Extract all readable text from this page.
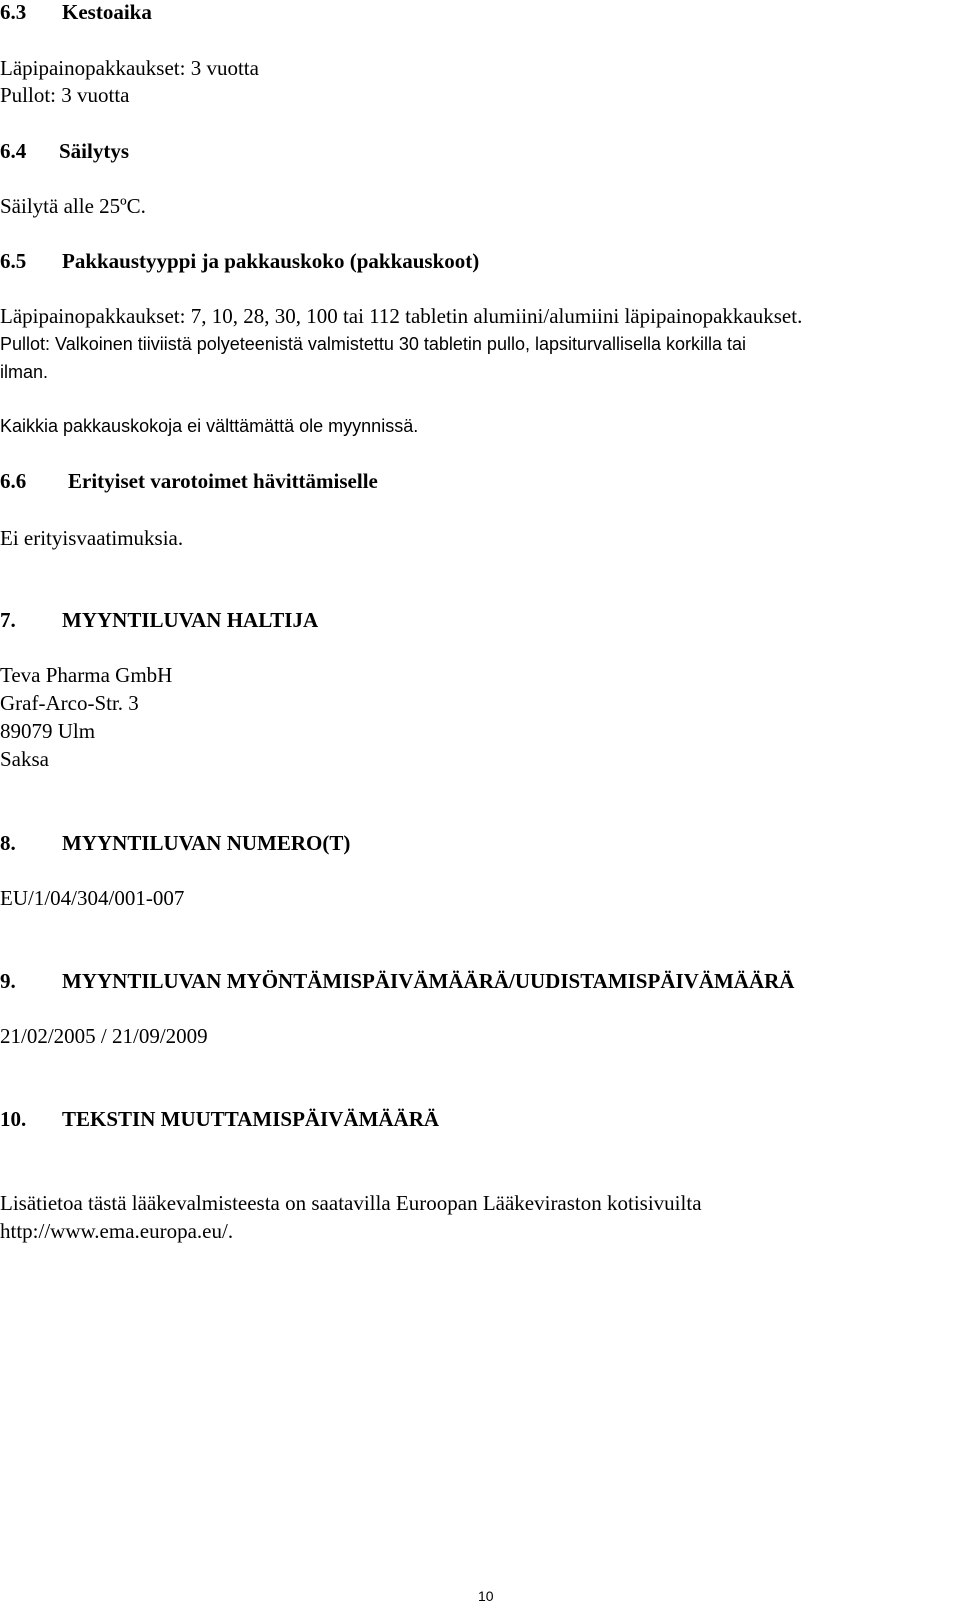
6.3 Kestoaika

Läpipainopakkaukset: 3 vuotta

Pullot: 3 vuotta

6.4 Säilytys

Säilytä alle 25ºC.

6.5 Pakkaustyyppi ja pakkauskoko (pakkauskoot)

Läpipainopakkaukset: 7, 10, 28, 30, 100 tai 112 tabletin alumiini/alumiini läpipainopakkaukset.

Pullot: Valkoinen tiiviistä polyeteenistä valmistettu 30 tabletin pullo, lapsiturvallisella korkilla tai

ilman.

Kaikkia pakkauskokoja ei välttämättä ole myynnissä.

6.6 Erityiset varotoimet hävittämiselle

Ei erityisvaatimuksia.

7. MYYNTILUVAN HALTIJA

Teva Pharma GmbH

Graf-Arco-Str. 3

89079 Ulm

Saksa

8. MYYNTILUVAN NUMERO(T)

EU/1/04/304/001-007

9. MYYNTILUVAN MYÖNTÄMISPÄIVÄMÄÄRÄ/UUDISTAMISPÄIVÄMÄÄRÄ

21/02/2005 / 21/09/2009

10. TEKSTIN MUUTTAMISPÄIVÄMÄÄRÄ

Lisätietoa tästä lääkevalmisteesta on saatavilla Euroopan Lääkeviraston kotisivuilta

http://www.ema.europa.eu/.

10
